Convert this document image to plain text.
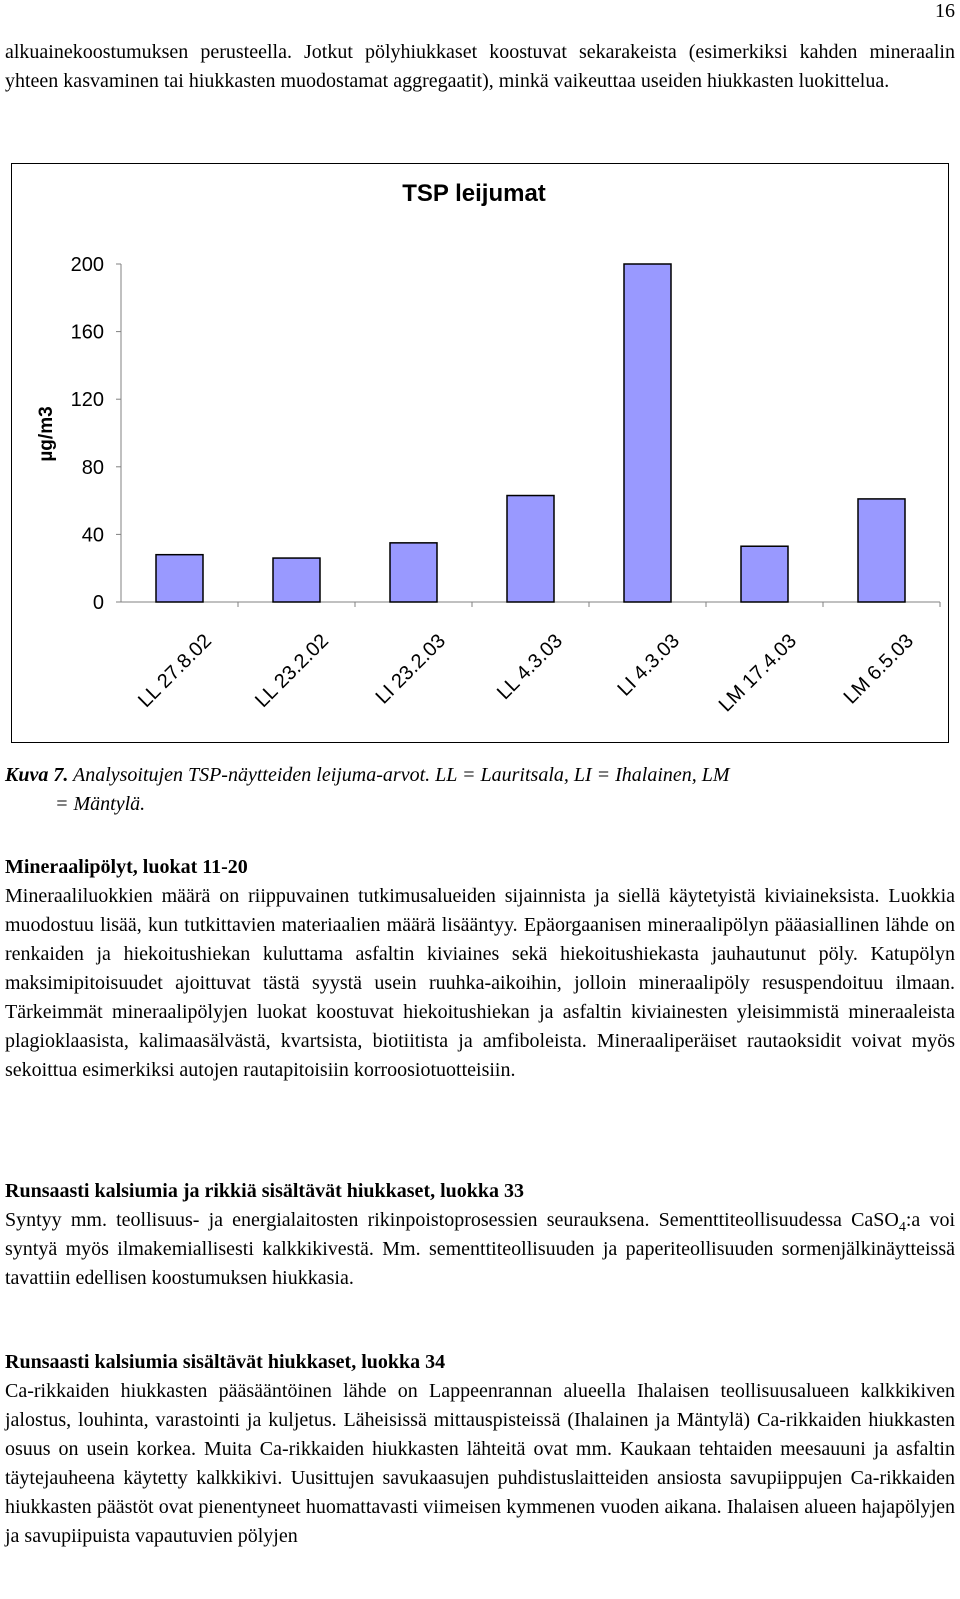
16

alkuainekoostumuksen perusteella. Jotkut pölyhiukkaset koostuvat sekarakeista (esimerkiksi kahden mineraalin yhteen kasvaminen tai hiukkasten muodostamat aggregaatit), minkä vaikeuttaa useiden hiukkasten luokittelua.

TSP leijumat
µg/m3
0
40
80
120
160
200
LL 27.8.02 LL 23.2.02 LI 23.2.03 LL 4.3.03 LI 4.3.03 LM 17.4.03 LM 6.5.03
Kuva 7. Analysoitujen TSP-näytteiden leijuma-arvot. LL = Lauritsala, LI = Ihalainen, LM
= Mäntylä.

Mineraalipölyt, luokat 11-20

Mineraaliluokkien määrä on riippuvainen tutkimusalueiden sijainnista ja siellä käytetyistä kiviaineksista. Luokkia muodostuu lisää, kun tutkittavien materiaalien määrä lisääntyy. Epäorgaanisen mineraalipölyn pääasiallinen lähde on renkaiden ja hiekoitushiekan kuluttama asfaltin kiviaines sekä hiekoitushiekasta jauhautunut pöly. Katupölyn maksimipitoisuudet ajoittuvat tästä syystä usein ruuhka-aikoihin, jolloin mineraalipöly resuspendoituu ilmaan. Tärkeimmät mineraalipölyjen luokat koostuvat hiekoitushiekan ja asfaltin kiviainesten yleisimmistä mineraaleista plagioklaasista, kalimaasälvästä, kvartsista, biotiitista ja amfiboleista. Mineraaliperäiset rautaoksidit voivat myös sekoittua esimerkiksi autojen rautapitoisiin korroosiotuotteisiin.

Runsaasti kalsiumia ja rikkiä sisältävät hiukkaset, luokka 33

Syntyy mm. teollisuus- ja energialaitosten rikinpoistoprosessien seurauksena. Sementtiteollisuudessa CaSO$_4$:a voi syntyä myös ilmakemiallisesti kalkkikivestä. Mm. sementtiteollisuuden ja paperiteollisuuden sormenjälkinäytteissä tavattiin edellisen koostumuksen hiukkasia.

Runsaasti kalsiumia sisältävät hiukkaset, luokka 34

Ca-rikkaiden hiukkasten pääsääntöinen lähde on Lappeenrannan alueella Ihalaisen teollisuusalueen kalkkikiven jalostus, louhinta, varastointi ja kuljetus. Läheisissä mittauspisteissä (Ihalainen ja Mäntylä) Ca-rikkaiden hiukkasten osuus on usein korkea. Muita Ca-rikkaiden hiukkasten lähteitä ovat mm. Kaukaan tehtaiden meesauuni ja asfaltin täytejauheena käytetty kalkkikivi. Uusittujen savukaasujen puhdistuslaitteiden ansiosta savupiippujen Ca-rikkaiden hiukkasten päästöt ovat pienentyneet huomattavasti viimeisen kymmenen vuoden aikana. Ihalaisen alueen hajapölyjen ja savupiipuista vapautuvien pölyjen
